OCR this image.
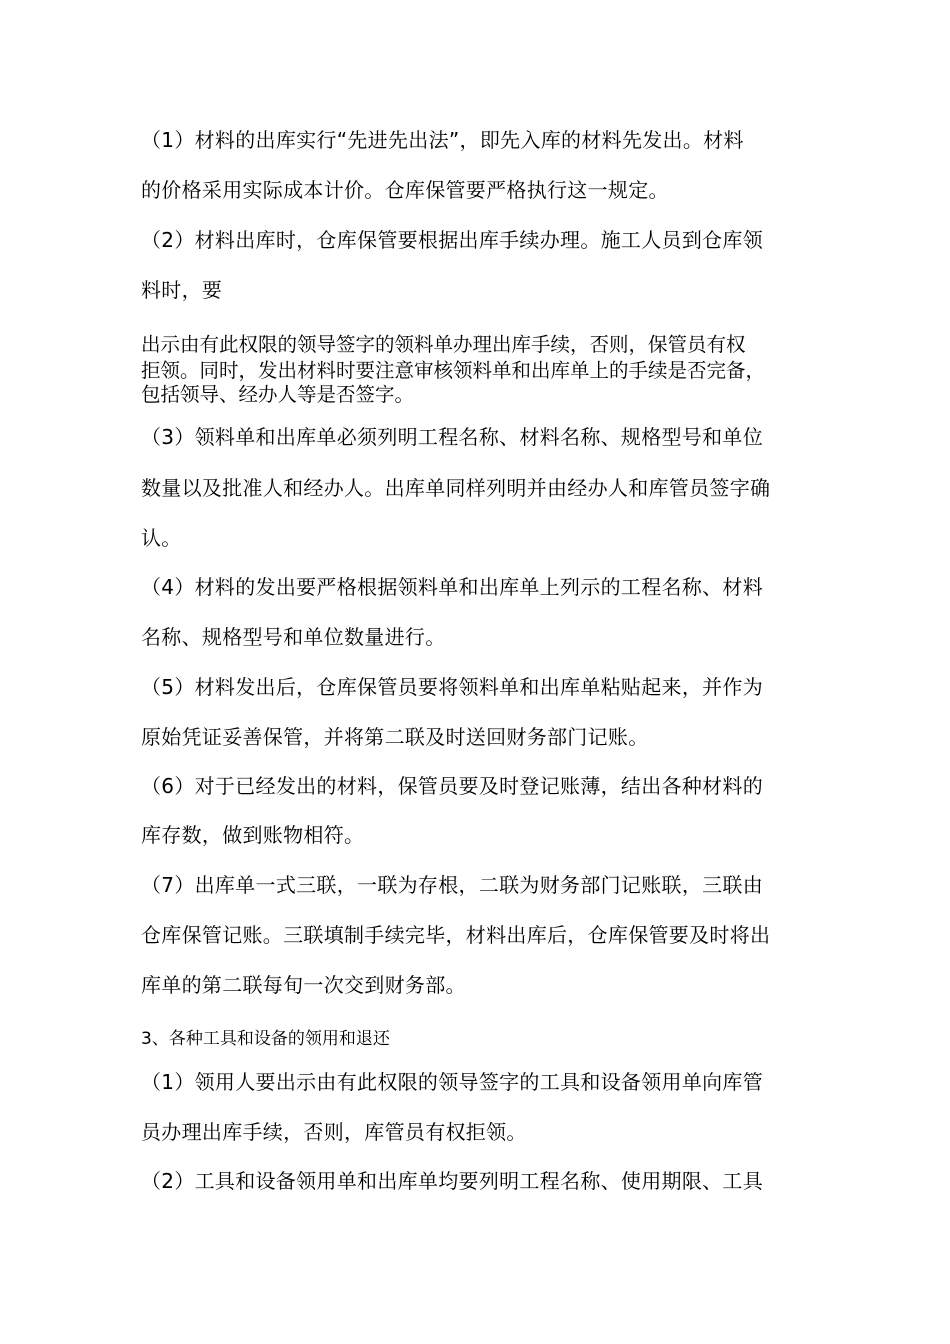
（1）材料的出库实行“先进先出法”，即先入库的材料先发出。材料
的价格采用实际成本计价。仓库保管要严格执行这一规定。
（2）材料出库时，仓库保管要根据出库手续办理。施工人员到仓库领
料时，要
出示由有此权限的领导签字的领料单办理出库手续，否则，保管员有权
拒领。同时，发出材料时要注意审核领料单和出库单上的手续是否完备，
包括领导、经办人等是否签字。
（3）领料单和出库单必须列明工程名称、材料名称、规格型号和单位
数量以及批准人和经办人。出库单同样列明并由经办人和库管员签字确
认。
（4）材料的发出要严格根据领料单和出库单上列示的工程名称、材料
名称、规格型号和单位数量进行。
（5）材料发出后，仓库保管员要将领料单和出库单粘贴起来，并作为
原始凭证妥善保管，并将第二联及时送回财务部门记账。
（6）对于已经发出的材料，保管员要及时登记账薄，结出各种材料的
库存数，做到账物相符。
（7）出库单一式三联，一联为存根，二联为财务部门记账联，三联由
仓库保管记账。三联填制手续完毕，材料出库后，仓库保管要及时将出
库单的第二联每旬一次交到财务部。
3、各种工具和设备的领用和退还
（1）领用人要出示由有此权限的领导签字的工具和设备领用单向库管
员办理出库手续，否则，库管员有权拒领。
（2）工具和设备领用单和出库单均要列明工程名称、使用期限、工具
